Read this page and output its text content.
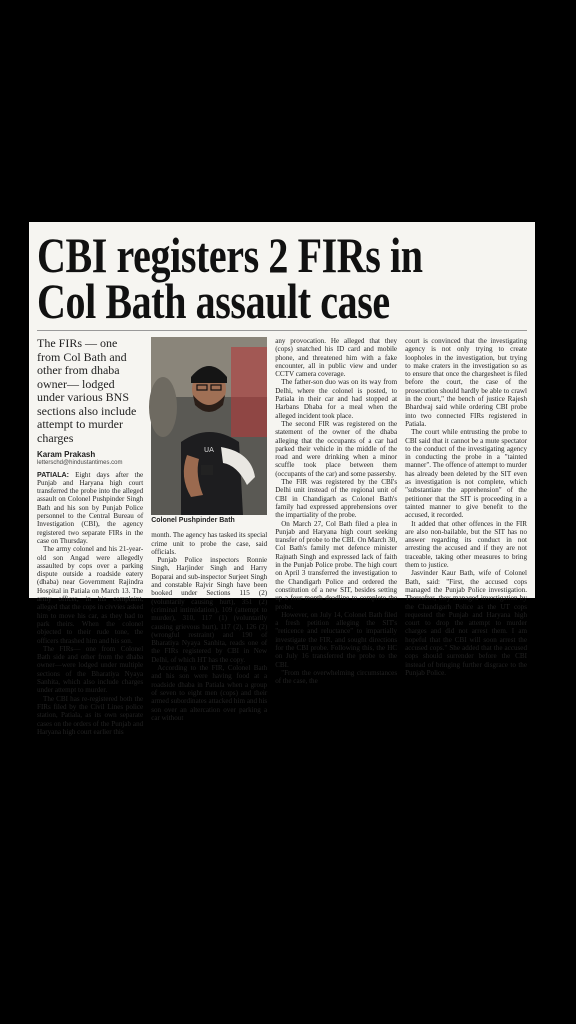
CBI registers 2 FIRs in
Col Bath assault case
The FIRs — one from Col Bath and other from dhaba owner— lodged under various BNS sections also include attempt to murder charges
Karam Prakash
letterschd@hindustantimes.com

PATIALA: Eight days after the Punjab and Haryana high court transferred the probe into the alleged assault on Colonel Pushpinder Singh Bath and his son by Punjab Police personnel to the Central Bureau of Investigation (CBI), the agency registered two separate FIRs in the case on Thursday.

The army colonel and his 21-year-old son Angad were allegedly assaulted by cops over a parking dispute outside a roadside eatery (dhaba) near Government Rajindra Hospital in Patiala on March 13. The army officer, in his complaint, alleged that the cops in civvies asked him to move his car, as they had to park theirs. When the colonel objected to their rude tone, the officers thrashed him and his son.

The FIRs— one from Colonel Bath side and other from the dhaba owner—were lodged under multiple sections of the Bharatiya Nyaya Sanhita, which also include charges under attempt to murder.

The CBI has re-registered both the FIRs filed by the Civil Lines police station, Patiala, as its own separate cases on the orders of the Punjab and Haryana high court earlier this

UA
Colonel Pushpinder Bath

month. The agency has tasked its special crime unit to probe the case, said officials.

Punjab Police inspectors Ronnie Singh, Harjinder Singh and Harry Boparai and sub-inspector Surjeet Singh and constable Rajvir Singh have been booked under Sections 115 (2) (voluntarily causing hurt), 351 (2) (criminal intimidation), 109 (attempt to murder), 310, 117 (1) (voluntarily causing grievous hurt), 117 (2), 126 (2) (wrongful restraint) and 190 of Bharatiya Nyaya Sanhita, reads one of the FIRs registered by CBI in New Delhi, of which HT has the copy.

According to the FIR, Colonel Bath and his son were having food at a roadside dhaba in Patiala when a group of seven to eight men (cops) and their armed subordinates attacked him and his son over an altercation over parking a car without

any provocation. He alleged that they (cops) snatched his ID card and mobile phone, and threatened him with a fake encounter, all in public view and under CCTV camera coverage.

The father-son duo was on its way from Delhi, where the colonel is posted, to Patiala in their car and had stopped at Harbans Dhaba for a meal when the alleged incident took place.

The second FIR was registered on the statement of the owner of the dhaba alleging that the occupants of a car had parked their vehicle in the middle of the road and were drinking when a minor scuffle took place between them (occupants of the car) and some passersby.

The FIR was registered by the CBI's Delhi unit instead of the regional unit of CBI in Chandigarh as Colonel Bath's family had expressed apprehensions over the impartiality of the probe.

On March 27, Col Bath filed a plea in Punjab and Haryana high court seeking transfer of probe to the CBI. On March 30, Col Bath's family met defence minister Rajnath Singh and expressed lack of faith in the Punjab Police probe. The high court on April 3 transferred the investigation to the Chandigarh Police and ordered the constitution of a new SIT, besides setting up a four-month deadline to complete the probe.

However, on July 14, Colonel Bath filed a fresh petition alleging the SIT's "reticence and reluctance" to impartially investigate the FIR, and sought directions for the CBI probe. Following this, the HC on July 16 transferred the probe to the CBI.

"From the overwhelming circumstances of the case, the

court is convinced that the investigating agency is not only trying to create loopholes in the investigation, but trying to make craters in the investigation so as to ensure that once the chargesheet is filed before the court, the case of the prosecution should hardly be able to crawl in the court," the bench of justice Rajesh Bhardwaj said while ordering CBI probe into two connected FIRs registered in Patiala.

The court while entrusting the probe to CBI said that it cannot be a mute spectator to the conduct of the investigating agency in conducting the probe in a "tainted manner". The offence of attempt to murder has already been deleted by the SIT even as investigation is not complete, which "substantiate the apprehension" of the petitioner that the SIT is proceeding in a tainted manner to give benefit to the accused, it recorded.

It added that other offences in the FIR are also non-bailable, but the SIT has no answer regarding its conduct in not arresting the accused and if they are not traceable, taking other measures to bring them to justice.

Jasvinder Kaur Bath, wife of Colonel Bath, said: "First, the accused cops managed the Punjab Police investigation. Thereafter, they managed investigation by the Chandigarh Police as the UT cops requested the Punjab and Haryana high court to drop the attempt to murder charges and did not arrest them. I am hopeful that the CBI will soon arrest the accused cops." She added that the accused cops should surrender before the CBI instead of bringing further disgrace to the Punjab Police.
